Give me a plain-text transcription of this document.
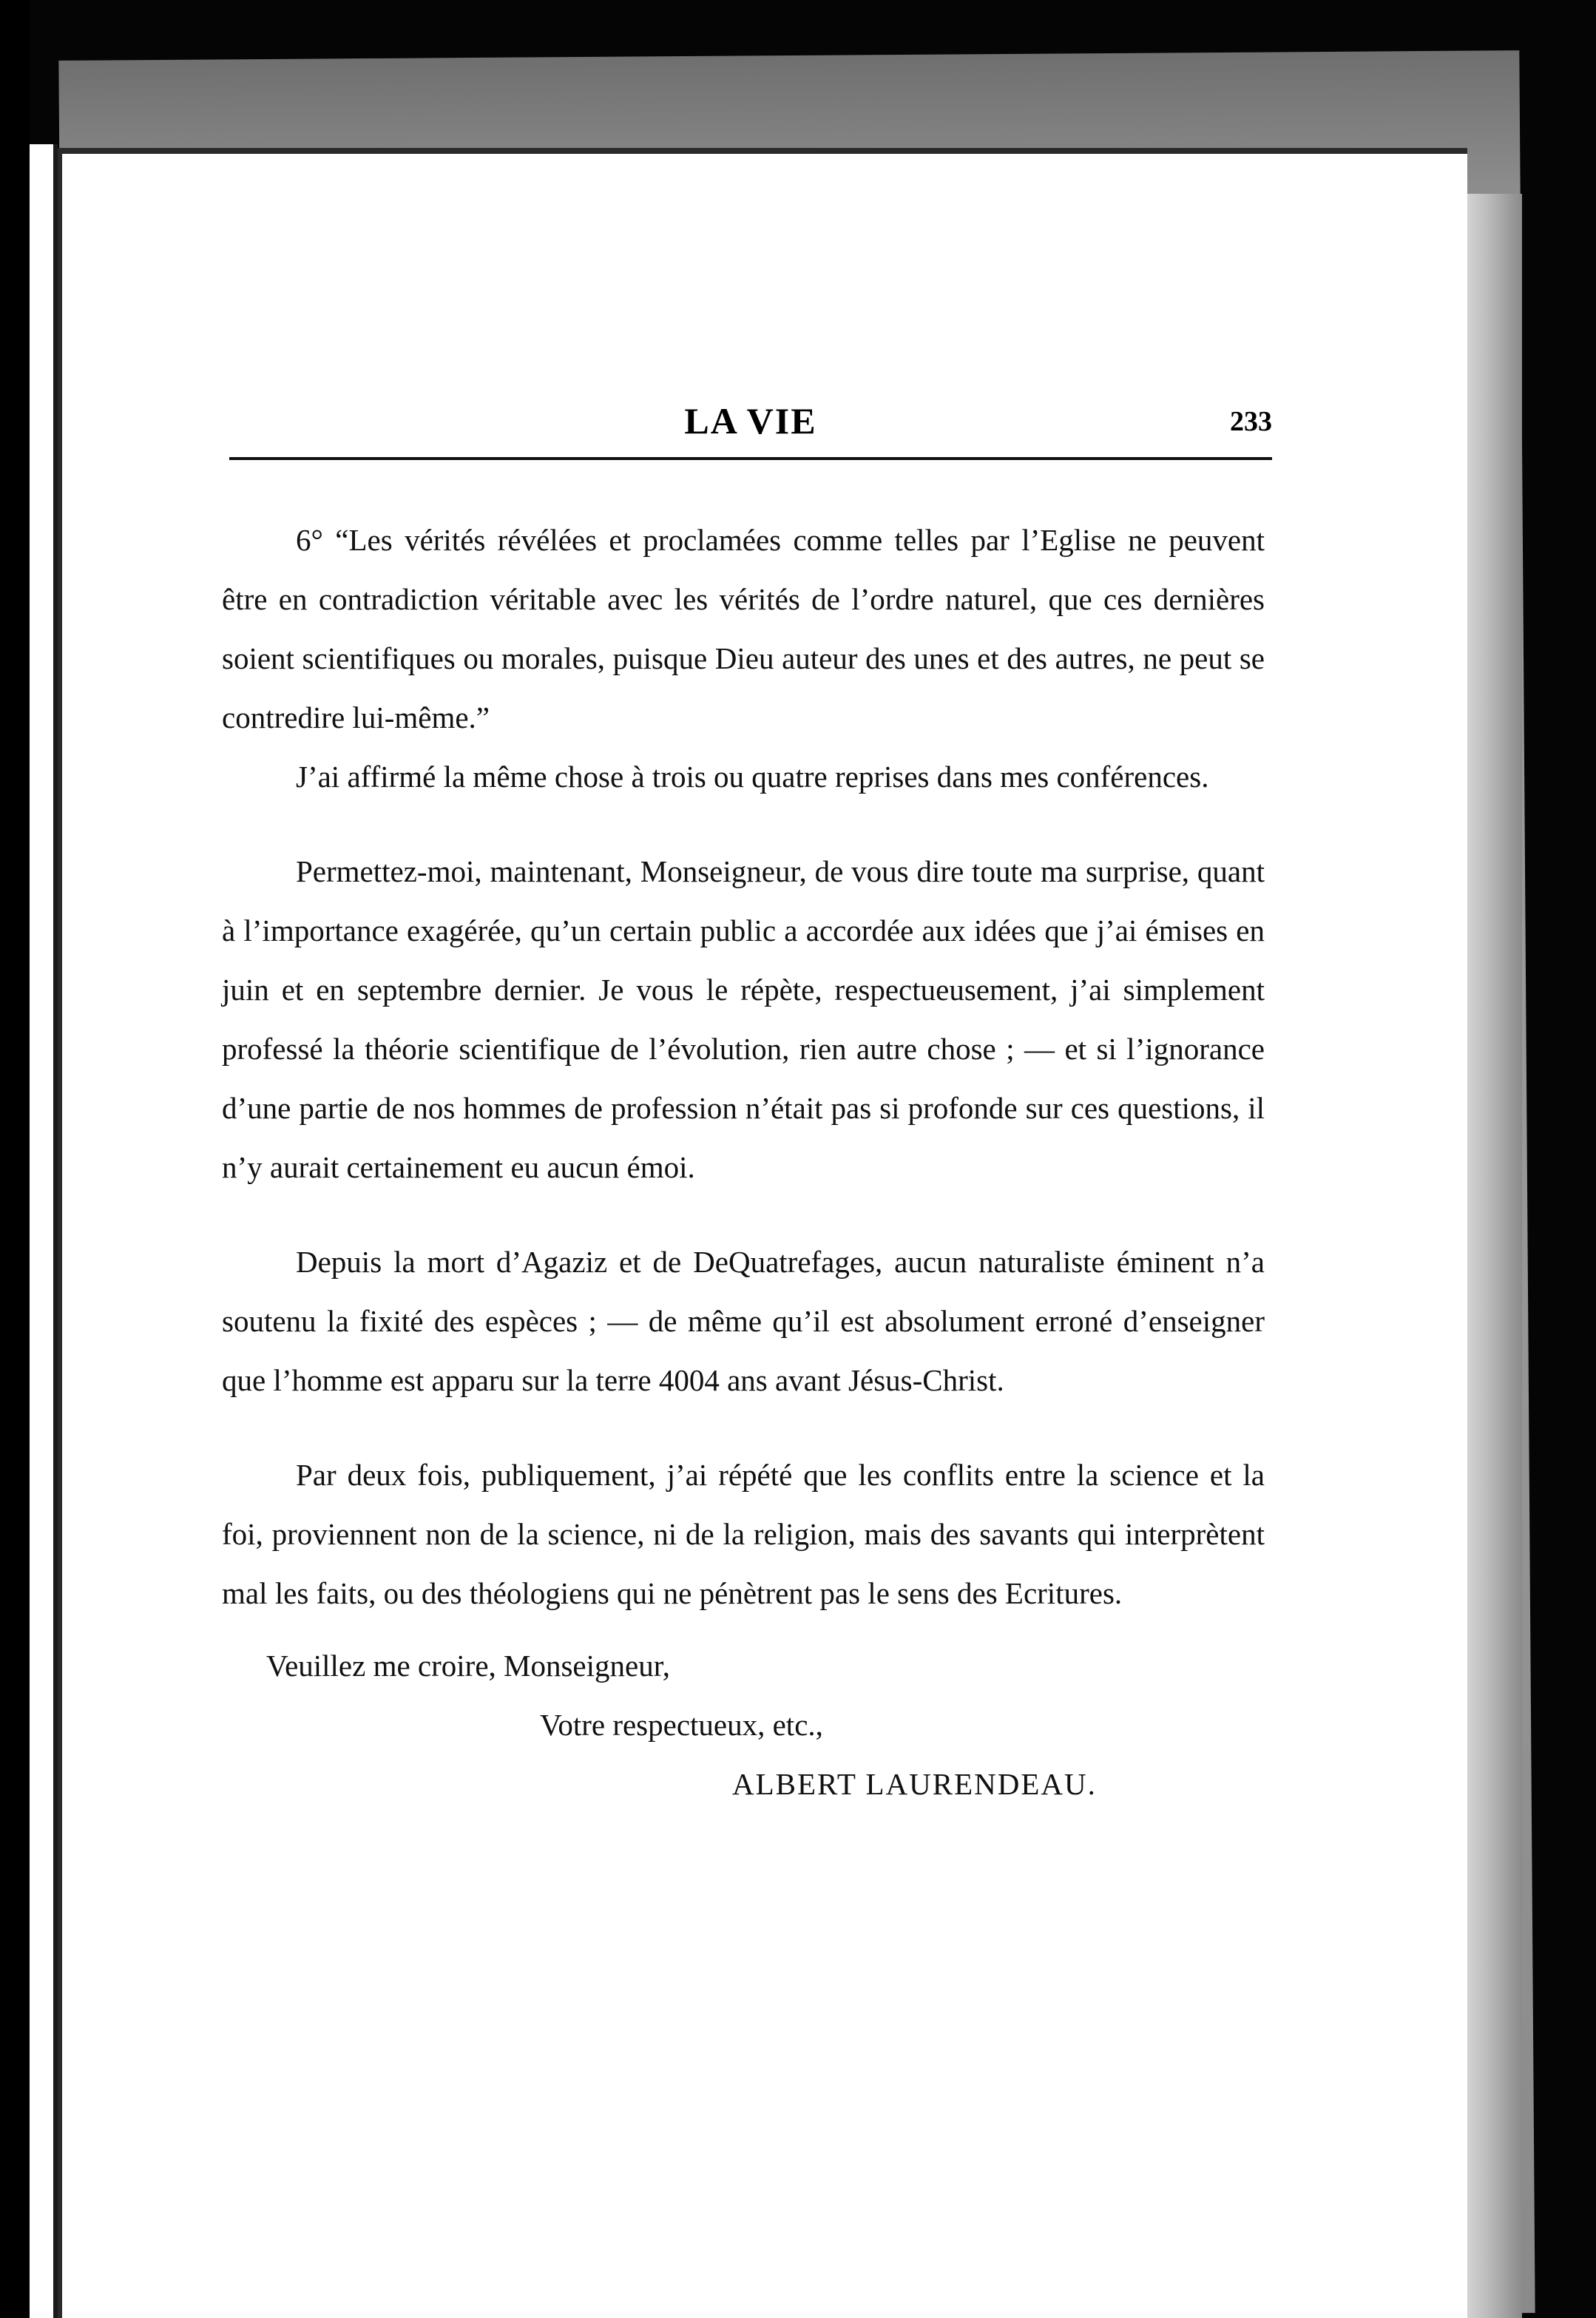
LA VIE	233

6° “Les vérités révélées et proclamées comme telles par l’Eglise ne peuvent être en contradiction véritable avec les vérités de l’ordre naturel, que ces dernières soient scientifiques ou morales, puisque Dieu auteur des unes et des autres, ne peut se contredire lui-même.”

J’ai affirmé la même chose à trois ou quatre reprises dans mes conférences.

Permettez-moi, maintenant, Monseigneur, de vous dire toute ma surprise, quant à l’importance exagérée, qu’un certain public a accordée aux idées que j’ai émises en juin et en septembre dernier. Je vous le répète, respectueusement, j’ai simplement professé la théorie scientifique de l’évolution, rien autre chose ; — et si l’ignorance d’une partie de nos hommes de profession n’était pas si profonde sur ces questions, il n’y aurait certainement eu aucun émoi.

Depuis la mort d’Agaziz et de DeQuatrefages, aucun naturaliste éminent n’a soutenu la fixité des espèces ; — de même qu’il est absolument erroné d’enseigner que l’homme est apparu sur la terre 4004 ans avant Jésus-Christ.

Par deux fois, publiquement, j’ai répété que les conflits entre la science et la foi, proviennent non de la science, ni de la religion, mais des savants qui interprètent mal les faits, ou des théologiens qui ne pénètrent pas le sens des Ecritures.

Veuillez me croire, Monseigneur,

Votre respectueux, etc.,

ALBERT LAURENDEAU.
